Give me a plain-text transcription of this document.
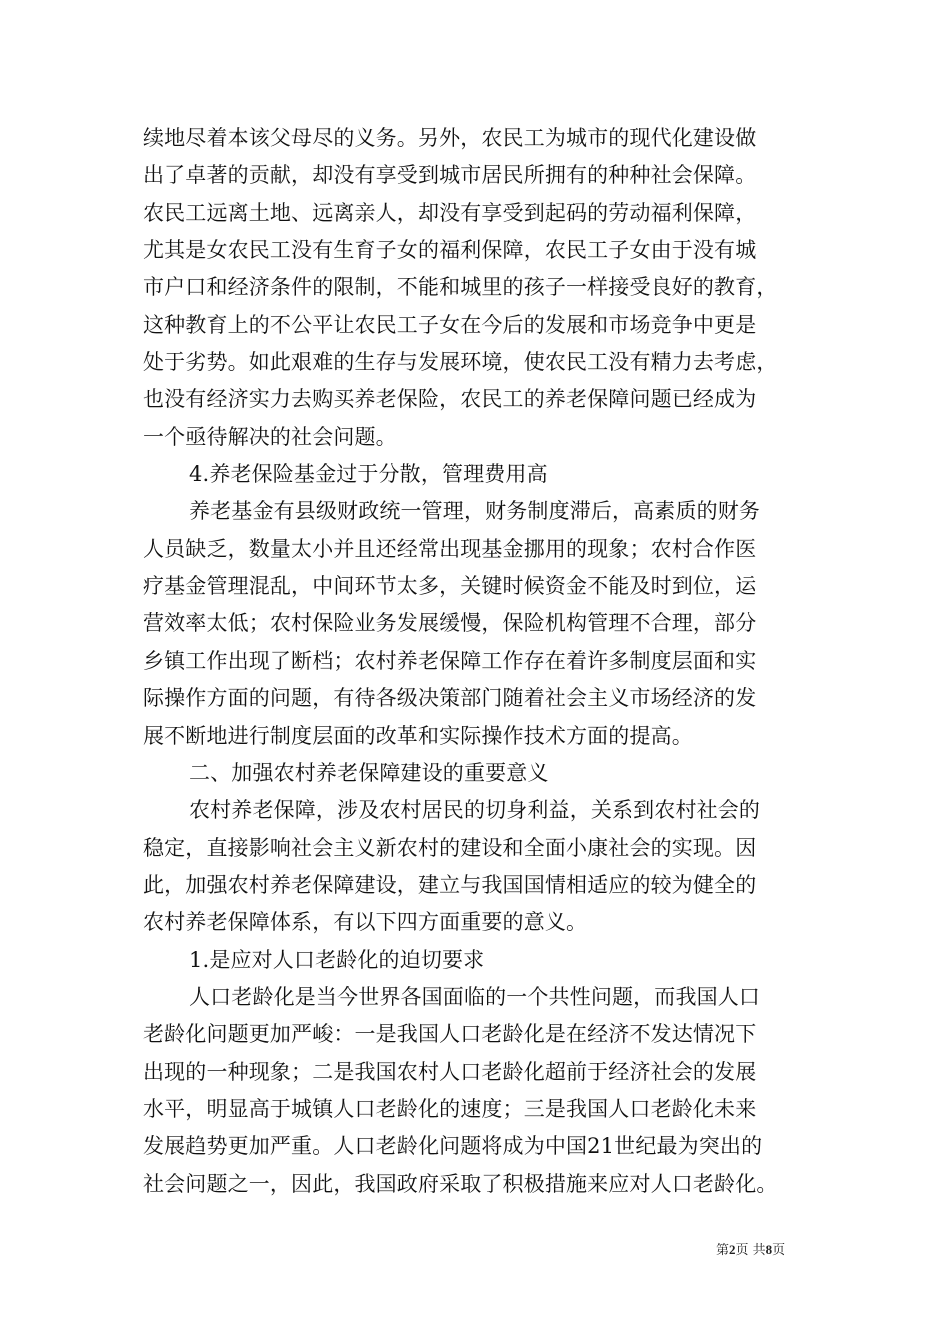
续地尽着本该父母尽的义务。另外，农民工为城市的现代化建设做
出了卓著的贡献，却没有享受到城市居民所拥有的种种社会保障。
农民工远离土地、远离亲人，却没有享受到起码的劳动福利保障，
尤其是女农民工没有生育子女的福利保障，农民工子女由于没有城
市户口和经济条件的限制，不能和城里的孩子一样接受良好的教育，
这种教育上的不公平让农民工子女在今后的发展和市场竞争中更是
处于劣势。如此艰难的生存与发展环境，使农民工没有精力去考虑，
也没有经济实力去购买养老保险，农民工的养老保障问题已经成为
一个亟待解决的社会问题。
4.养老保险基金过于分散，管理费用高
养老基金有县级财政统一管理，财务制度滞后，高素质的财务
人员缺乏，数量太小并且还经常出现基金挪用的现象；农村合作医
疗基金管理混乱，中间环节太多，关键时候资金不能及时到位，运
营效率太低；农村保险业务发展缓慢，保险机构管理不合理，部分
乡镇工作出现了断档；农村养老保障工作存在着许多制度层面和实
际操作方面的问题，有待各级决策部门随着社会主义市场经济的发
展不断地进行制度层面的改革和实际操作技术方面的提高。
二、加强农村养老保障建设的重要意义
农村养老保障，涉及农村居民的切身利益，关系到农村社会的
稳定，直接影响社会主义新农村的建设和全面小康社会的实现。因
此，加强农村养老保障建设，建立与我国国情相适应的较为健全的
农村养老保障体系，有以下四方面重要的意义。
1.是应对人口老龄化的迫切要求
人口老龄化是当今世界各国面临的一个共性问题，而我国人口
老龄化问题更加严峻：一是我国人口老龄化是在经济不发达情况下
出现的一种现象；二是我国农村人口老龄化超前于经济社会的发展
水平，明显高于城镇人口老龄化的速度；三是我国人口老龄化未来
发展趋势更加严重。人口老龄化问题将成为中国21世纪最为突出的
社会问题之一，因此，我国政府采取了积极措施来应对人口老龄化。
第2页 共8页
